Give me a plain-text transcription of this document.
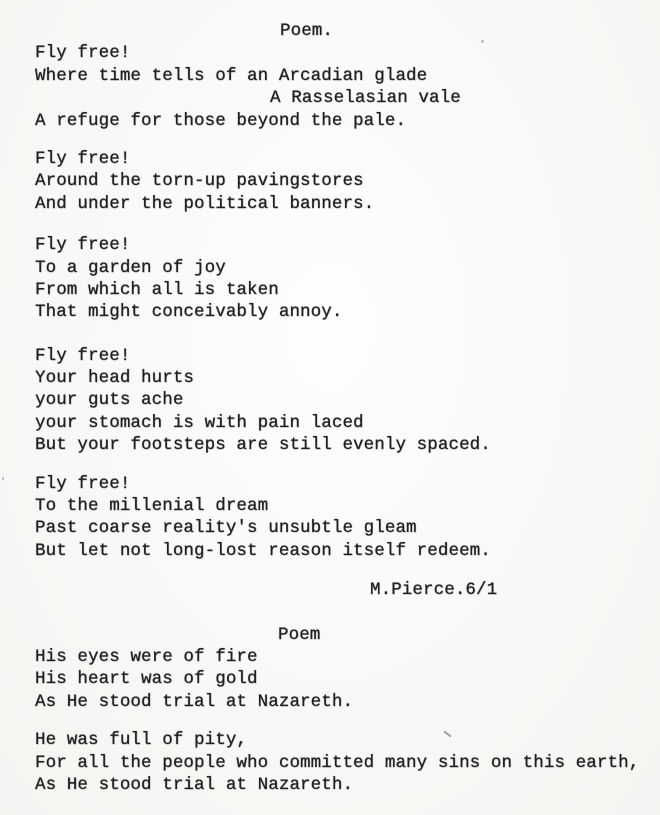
Poem.
Fly free!
Where time tells of an Arcadian glade
A Rasselasian vale
A refuge for those beyond the pale.
Fly free!
Around the torn-up pavingstores
And under the political banners.
Fly free!
To a garden of joy
From which all is taken
That might conceivably annoy.
Fly free!
Your head hurts
your guts ache
your stomach is with pain laced
But your footsteps are still evenly spaced.
Fly free!
To the millenial dream
Past coarse reality's unsubtle gleam
But let not long-lost reason itself redeem.
M.Pierce.6/1
Poem
His eyes were of fire
His heart was of gold
As He stood trial at Nazareth.
He was full of pity,
For all the people who committed many sins on this earth,
As He stood trial at Nazareth.
